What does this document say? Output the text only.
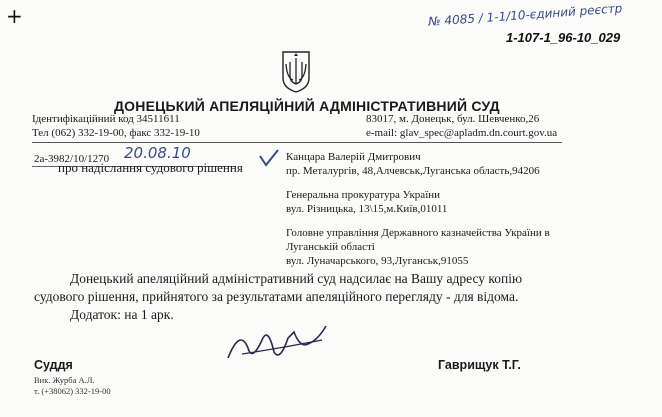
+	№ 4085 / 1-1/10-єдиний реєстр
1-107-1_96-10_029
ДОНЕЦЬКИЙ АПЕЛЯЦІЙНИЙ АДМІНІСТРАТИВНИЙ СУД
Ідентифікаційний код 34511611
Тел (062) 332-19-00, факс 332-19-10
83017, м. Донецьк, бул. Шевченко,26
e-mail: glav_spec@apladm.dn.court.gov.ua
2а-3982/10/1270 20.08.10
про надіслання судового рішення
Канцара Валерій Дмитрович
пр. Металургів, 48,Алчевськ,Луганська область,94206
Генеральна прокуратура України
вул. Різницька, 13\15,м.Київ,01011
Головне управління Державного казначейства України в
Луганській області
вул. Луначарського, 93,Луганськ,91055
Донецький апеляційний адміністративний суд надсилає на Вашу адресу копію
судового рішення, прийнятого за результатами апеляційного перегляду - для відома.
Додаток: на 1 арк.
Суддя	Гаврищук Т.Г.
Вик. Журба А.Л.
т. (+38062) 332-19-00
